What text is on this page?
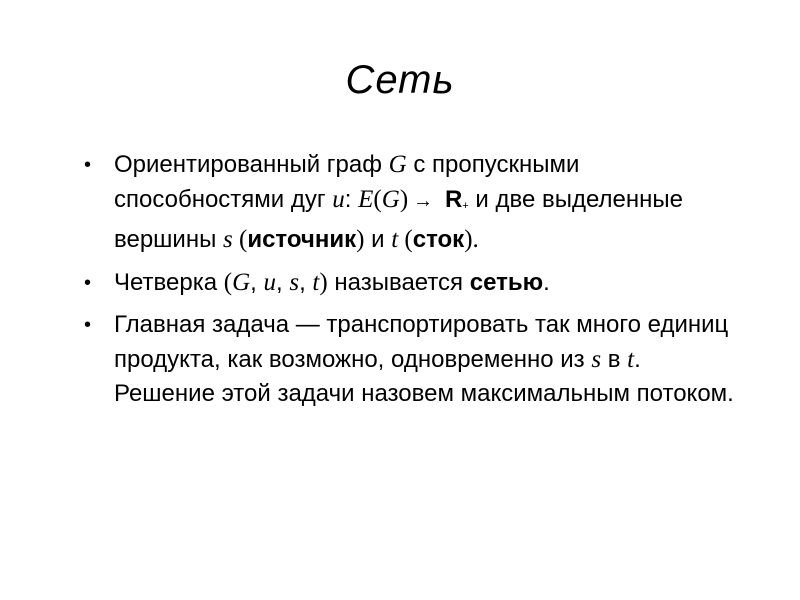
Сеть
• Ориентированный граф G с пропускными способностями дуг u: E(G)  →  R+ и две выделенные вершины s (источник) и t (сток).
• Четверка (G, u, s, t) называется сетью.
• Главная задача — транспортировать так много единиц продукта, как возможно, одновременно из s в t. Решение этой задачи назовем максимальным потоком.
